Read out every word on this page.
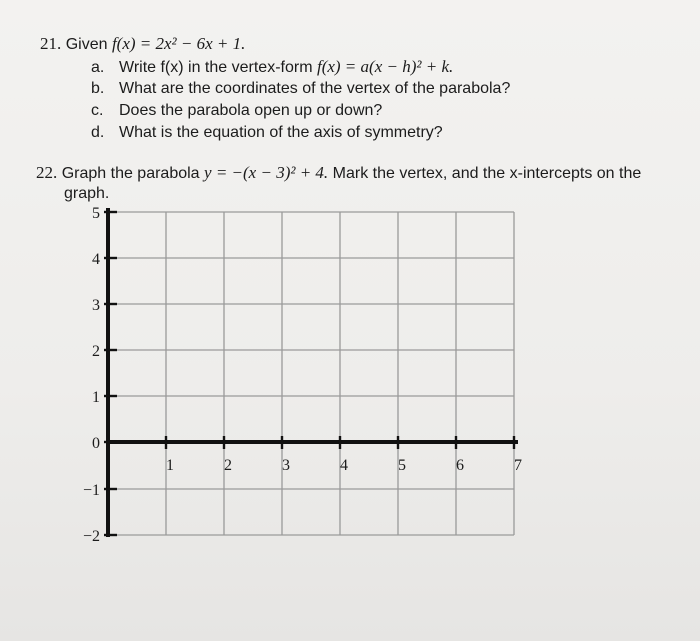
21. Given f(x) = 2x² − 6x + 1.
a. Write f(x) in the vertex-form f(x) = a(x − h)² + k.
b. What are the coordinates of the vertex of the parabola?
c. Does the parabola open up or down?
d. What is the equation of the axis of symmetry?
22. Graph the parabola y = −(x − 3)² + 4. Mark the vertex, and the x-intercepts on the
graph.
1	2	3	4	5	6	7
5
4
3
2
1
0
−1
−2
